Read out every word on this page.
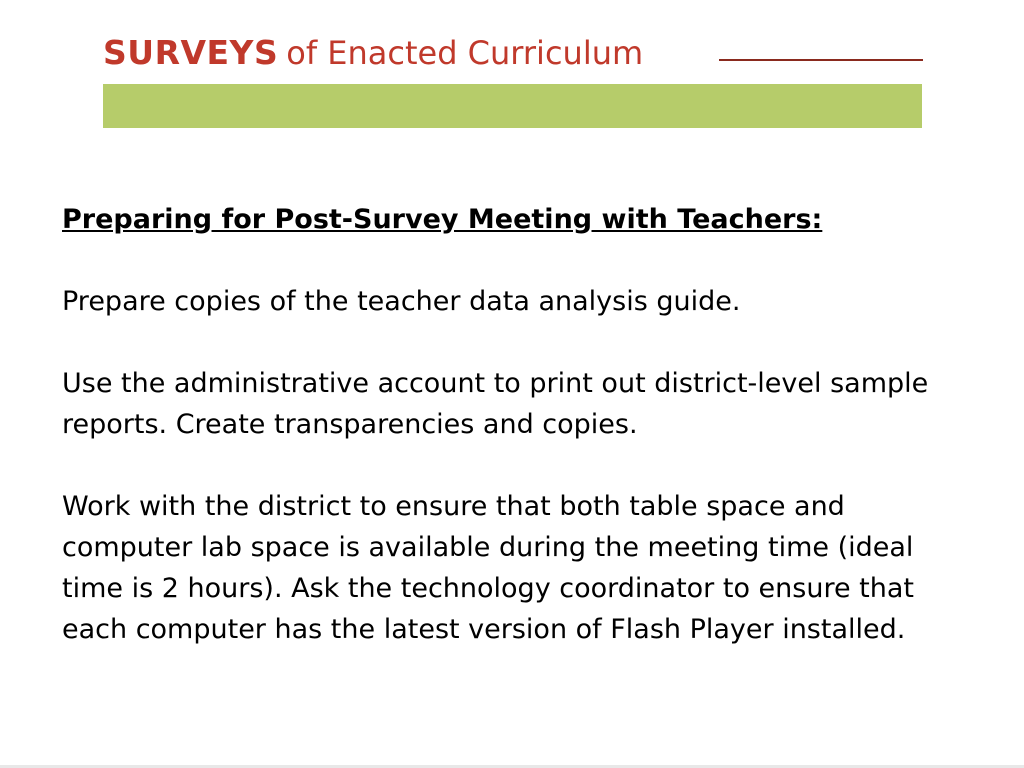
SURVEYS of Enacted Curriculum

Preparing for Post-Survey Meeting with Teachers:

Prepare copies of the teacher data analysis guide.

Use the administrative account to print out district-level sample reports. Create transparencies and copies.

Work with the district to ensure that both table space and computer lab space is available during the meeting time (ideal time is 2 hours). Ask the technology coordinator to ensure that each computer has the latest version of Flash Player installed.
